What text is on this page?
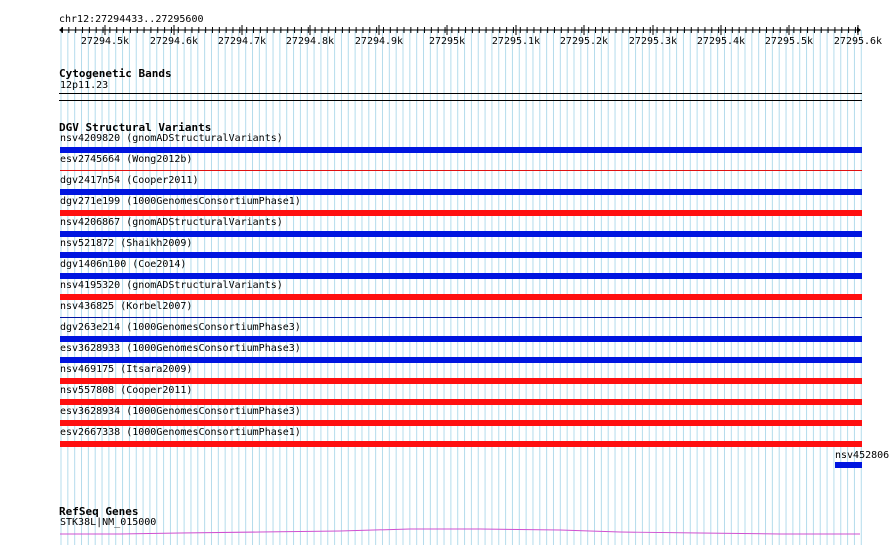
chr12:27294433..27295600
27294.5k 27294.6k 27294.7k 27294.8k 27294.9k	27295k	27295.1k 27295.2k 27295.3k 27295.4k 27295.5k 27295.6k
Cytogenetic Bands
12p11.23
DGV Structural Variants
nsv4209820 (gnomADStructuralVariants)
esv2745664 (Wong2012b)
dgv2417n54 (Cooper2011)
dgv271e199 (1000GenomesConsortiumPhase1)
nsv4206867 (gnomADStructuralVariants)
nsv521872 (Shaikh2009)
dgv1406n100 (Coe2014)
nsv4195320 (gnomADStructuralVariants)
nsv436825 (Korbel2007)
dgv263e214 (1000GenomesConsortiumPhase3)
esv3628933 (1000GenomesConsortiumPhase3)
nsv469175 (Itsara2009)
nsv557808 (Cooper2011)
esv3628934 (1000GenomesConsortiumPhase3)
esv2667338 (1000GenomesConsortiumPhase1)
nsv452806
RefSeq Genes
STK38L|NM_015000
